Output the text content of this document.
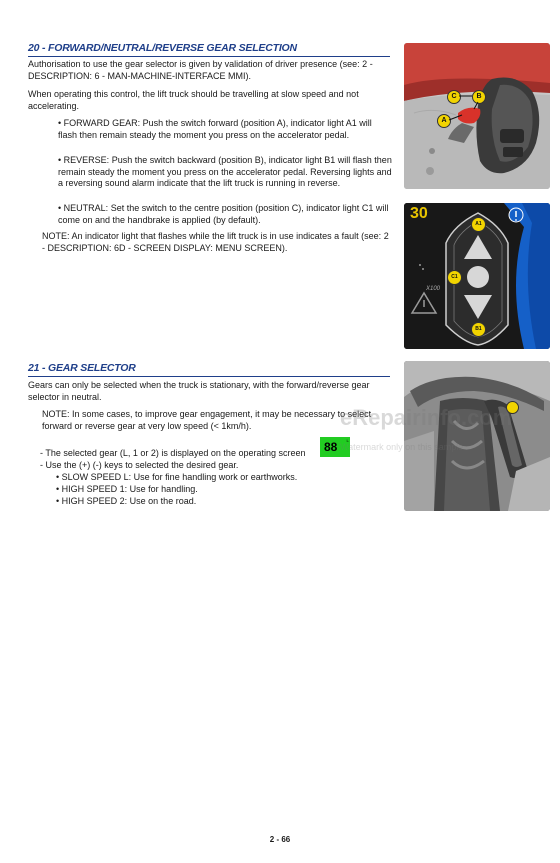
20 - FORWARD/NEUTRAL/REVERSE GEAR SELECTION
Authorisation to use the gear selector is given by validation of driver presence (see: 2 - DESCRIPTION: 6 - MAN-MACHINE-INTERFACE MMI).
When operating this control, the lift truck should be travelling at slow speed and not accelerating.
• FORWARD GEAR: Push the switch forward (position A), indicator light A1 will flash then remain steady the moment you press on the accelerator pedal.
• REVERSE: Push the switch backward (position B), indicator light B1 will flash then remain steady the moment you press on the accelerator pedal. Reversing lights and a reversing sound alarm indicate that the lift truck is running in reverse.
• NEUTRAL: Set the switch to the centre position (position C), indicator light C1 will come on and the handbrake is applied (by default).
NOTE: An indicator light that flashes while the lift truck is in use indicates a fault (see: 2 - DESCRIPTION: 6D - SCREEN DISPLAY: MENU SCREEN).
C	B
A
30
X100
A1
C1
B1
21 - GEAR SELECTOR
Gears can only be selected when the truck is stationary, with the forward/reverse gear selector in neutral.
NOTE: In some cases, to improve gear engagement, it may be necessary to select forward or reverse gear at very low speed (< 1km/h).
- The selected gear (L, 1 or 2) is displayed on the operating screen	88 L
- Use the (+) (-) keys to selected the desired gear.
• SLOW SPEED L: Use for fine handling work or earthworks.
• HIGH SPEED 1: Use for handling.
• HIGH SPEED 2: Use on the road.
eRepairinfo.com
Watermark only on this sample
2 - 66
